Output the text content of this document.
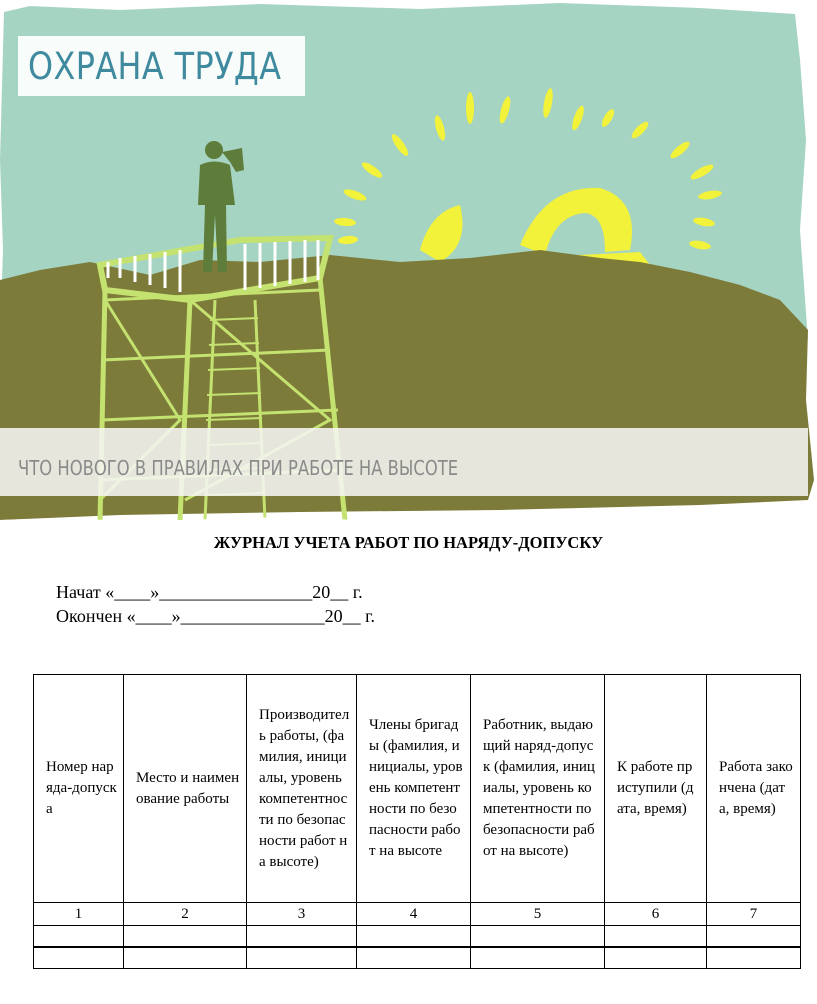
ОХРАНА ТРУДА
ЧТО НОВОГО В ПРАВИЛАХ ПРИ РАБОТЕ НА ВЫСОТЕ
ЖУРНАЛ УЧЕТА РАБОТ ПО НАРЯДУ-ДОПУСКУ
Начат «____»_________________20__ г.
Окончен «____»________________20__ г.
Номер наряда-допуска	Место и наименование работы	Производитель работы, (фамилия, инициалы, уровень компетентности по безопасности работ на высоте)	Члены бригады (фамилия, инициалы, уровень компетентности по безопасности работ на высоте	Работник, выдающий наряд-допуск (фамилия, инициалы, уровень компетентности по безопасности работ на высоте)	К работе приступили (дата, время)	Работа закончена (дата, время)
1	2	3	4	5	6	7
